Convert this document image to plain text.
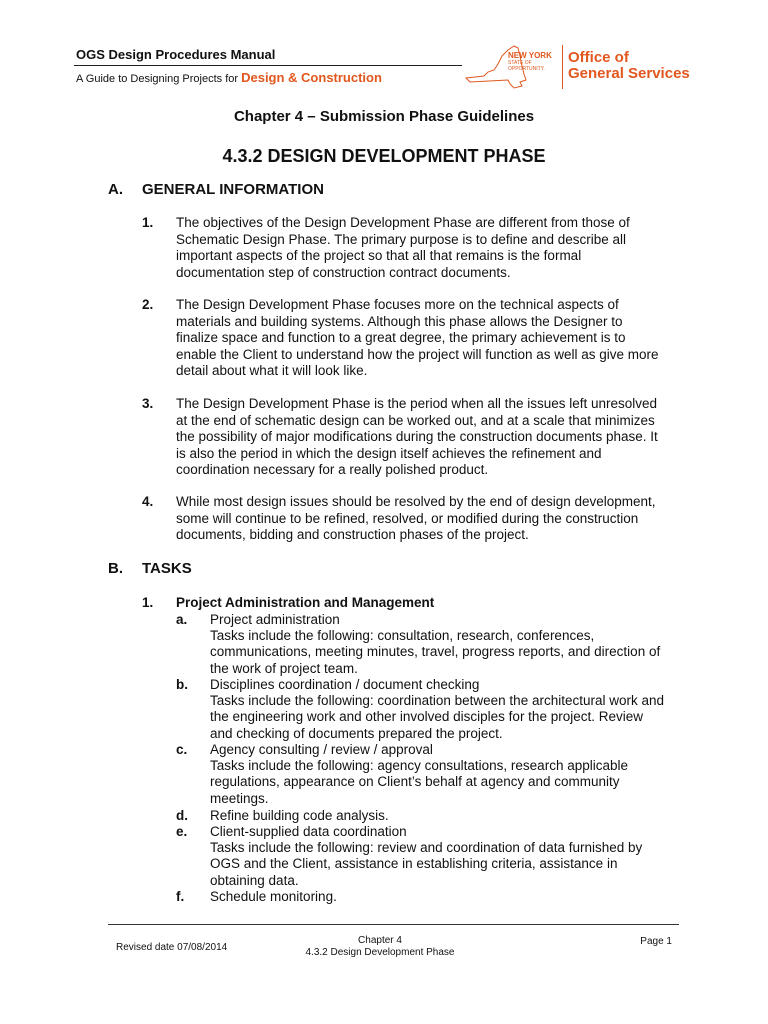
OGS Design Procedures Manual
A Guide to Designing Projects for Design & Construction
NEW YORK
STATE OF
OPPORTUNITY.
Office of
General Services
Chapter 4 – Submission Phase Guidelines
4.3.2 DESIGN DEVELOPMENT PHASE
A. GENERAL INFORMATION
1. The objectives of the Design Development Phase are different from those of
Schematic Design Phase. The primary purpose is to define and describe all
important aspects of the project so that all that remains is the formal
documentation step of construction contract documents.
2. The Design Development Phase focuses more on the technical aspects of
materials and building systems. Although this phase allows the Designer to
finalize space and function to a great degree, the primary achievement is to
enable the Client to understand how the project will function as well as give more
detail about what it will look like.
3. The Design Development Phase is the period when all the issues left unresolved
at the end of schematic design can be worked out, and at a scale that minimizes
the possibility of major modifications during the construction documents phase. It
is also the period in which the design itself achieves the refinement and
coordination necessary for a really polished product.
4. While most design issues should be resolved by the end of design development,
some will continue to be refined, resolved, or modified during the construction
documents, bidding and construction phases of the project.
B. TASKS
1. Project Administration and Management
a. Project administration
Tasks include the following: consultation, research, conferences,
communications, meeting minutes, travel, progress reports, and direction of
the work of project team.
b. Disciplines coordination / document checking
Tasks include the following: coordination between the architectural work and
the engineering work and other involved disciples for the project. Review
and checking of documents prepared the project.
c. Agency consulting / review / approval
Tasks include the following: agency consultations, research applicable
regulations, appearance on Client’s behalf at agency and community
meetings.
d. Refine building code analysis.
e. Client-supplied data coordination
Tasks include the following: review and coordination of data furnished by
OGS and the Client, assistance in establishing criteria, assistance in
obtaining data.
f. Schedule monitoring.
Revised date 07/08/2014
Chapter 4
4.3.2 Design Development Phase
Page 1
